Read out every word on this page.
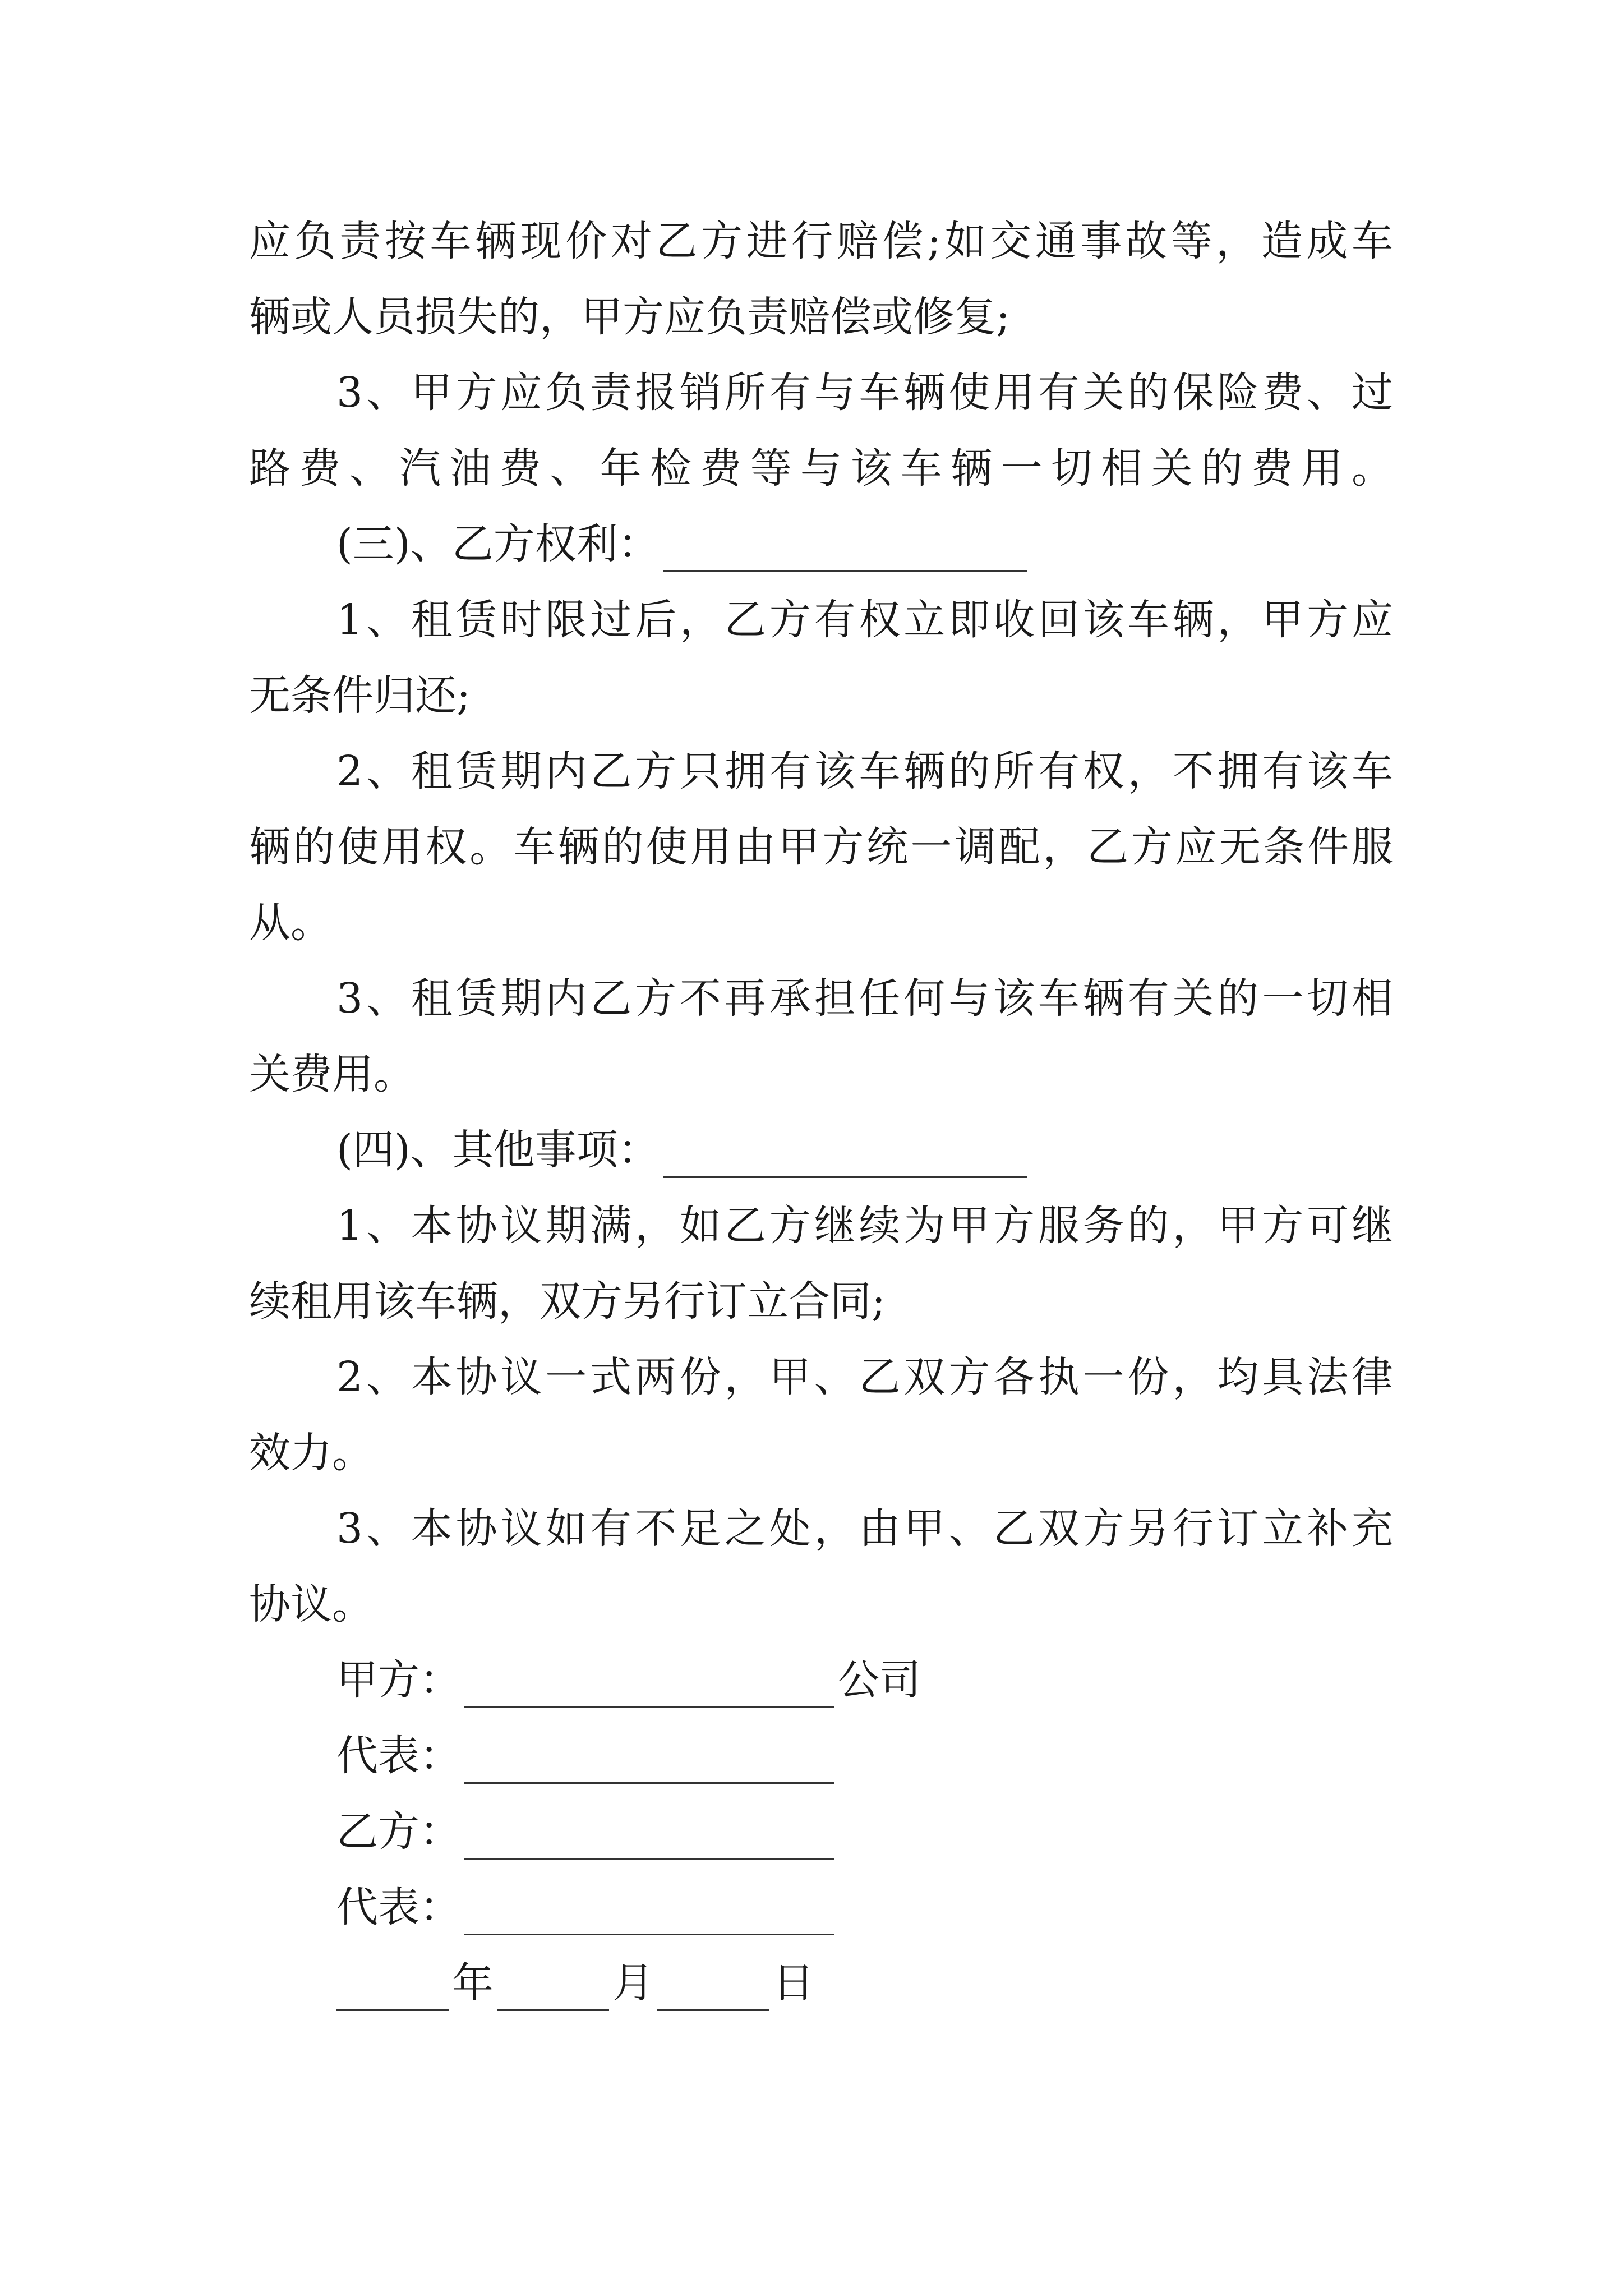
应负责按车辆现价对乙方进行赔偿;如交通事故等，造成车
辆或人员损失的，甲方应负责赔偿或修复;
3、甲方应负责报销所有与车辆使用有关的保险费、过
路费、汽油费、年检费等与该车辆一切相关的费用。
(三)、乙方权利：
1、租赁时限过后，乙方有权立即收回该车辆，甲方应
无条件归还;
2、租赁期内乙方只拥有该车辆的所有权，不拥有该车
辆的使用权。车辆的使用由甲方统一调配，乙方应无条件服
从。
3、租赁期内乙方不再承担任何与该车辆有关的一切相
关费用。
(四)、其他事项：
1、本协议期满，如乙方继续为甲方服务的，甲方可继
续租用该车辆，双方另行订立合同;
2、本协议一式两份，甲、乙双方各执一份，均具法律
效力。
3、本协议如有不足之处，由甲、乙双方另行订立补充
协议。
甲方：	公司
代表：
乙方：
代表：
年	月	日
